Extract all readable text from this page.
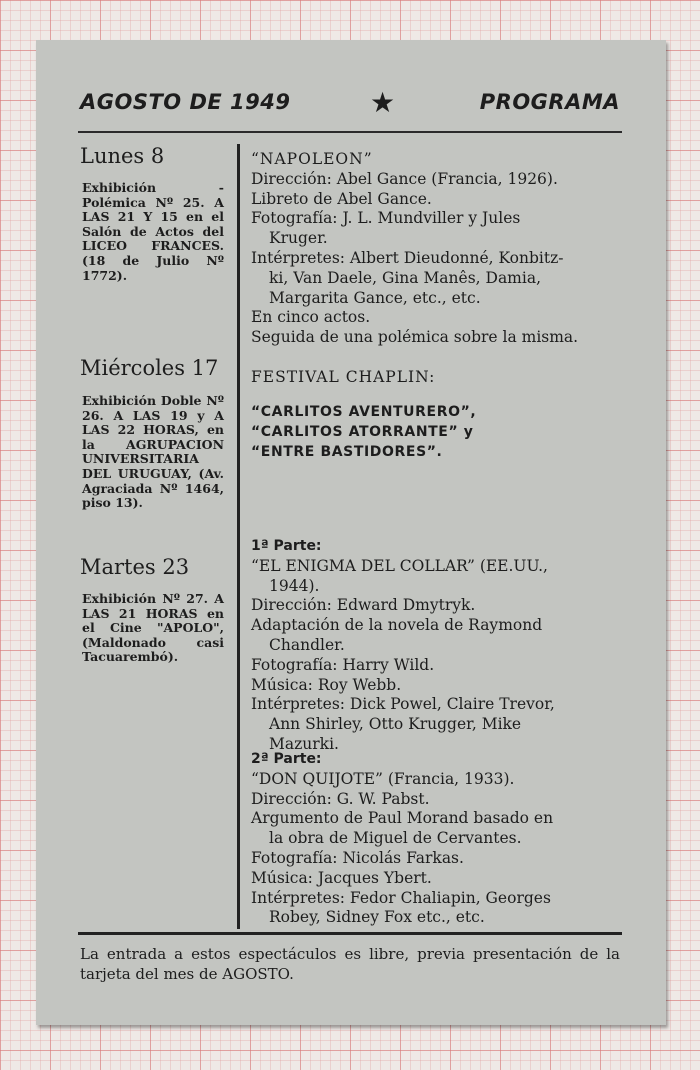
AGOSTO DE 1949	★	PROGRAMA
Lunes 8
Exhibición - Polémica Nº 25. A LAS 21 Y 15 en el Salón de Actos del LICEO FRANCES. (18 de Julio Nº 1772).
Miércoles 17
Exhibición Doble Nº 26. A LAS 19 y A LAS 22 HORAS, en la AGRUPACION UNIVERSITARIA DEL URUGUAY, (Av. Agraciada Nº 1464, piso 13).
Martes 23
Exhibición Nº 27. A LAS 21 HORAS en el Cine "APOLO", (Maldonado casi Tacuarembó).
“NAPOLEON”
Dirección: Abel Gance (Francia, 1926).
Libreto de Abel Gance.
Fotografía: J. L. Mundviller y Jules
Kruger.
Intérpretes: Albert Dieudonné, Konbitz-
ki, Van Daele, Gina Manês, Damia,
Margarita Gance, etc., etc.
En cinco actos.
Seguida de una polémica sobre la misma.
FESTIVAL CHAPLIN:
“CARLITOS AVENTURERO”,
“CARLITOS ATORRANTE” y
“ENTRE BASTIDORES”.
1ª Parte:
“EL ENIGMA DEL COLLAR” (EE.UU.,
1944).
Dirección: Edward Dmytryk.
Adaptación de la novela de Raymond
Chandler.
Fotografía: Harry Wild.
Música: Roy Webb.
Intérpretes: Dick Powel, Claire Trevor,
Ann Shirley, Otto Krugger, Mike
Mazurki.
2ª Parte:
“DON QUIJOTE” (Francia, 1933).
Dirección: G. W. Pabst.
Argumento de Paul Morand basado en
la obra de Miguel de Cervantes.
Fotografía: Nicolás Farkas.
Música: Jacques Ybert.
Intérpretes: Fedor Chaliapin, Georges
Robey, Sidney Fox etc., etc.
La entrada a estos espectáculos es libre, previa presentación de la tarjeta del mes de AGOSTO.
